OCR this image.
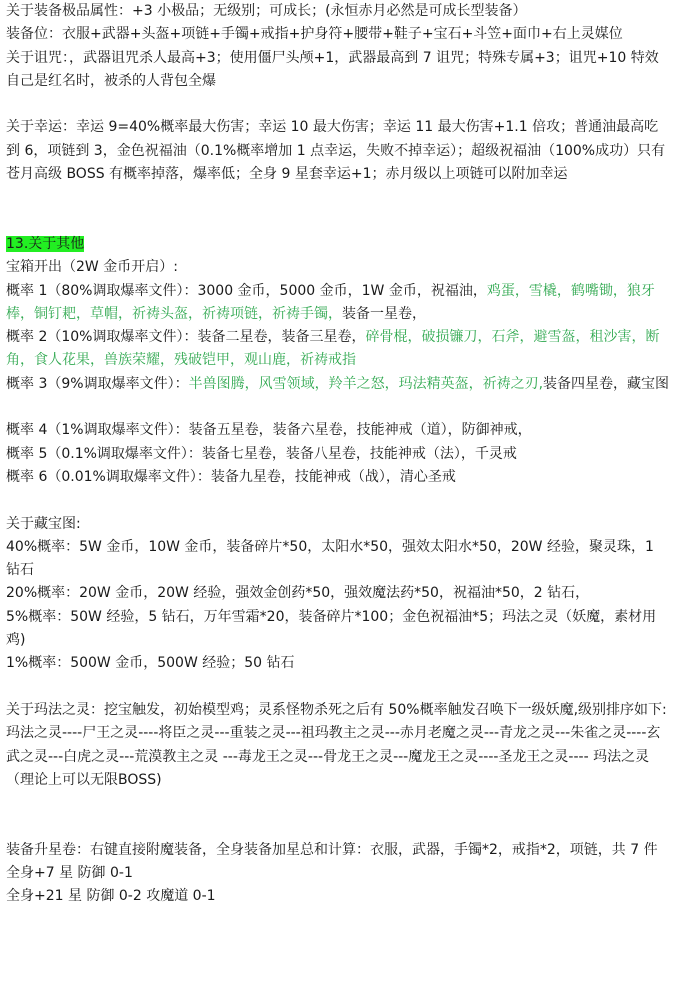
关于装备极品属性：+3 小极品；无级别；可成长；(永恒赤月必然是可成长型装备）

装备位：衣服+武器+头盔+项链+手镯+戒指+护身符+腰带+鞋子+宝石+斗笠+面巾+右上灵媒位

关于诅咒：，武器诅咒杀人最高+3；使用僵尸头颅+1，武器最高到 7 诅咒；特殊专属+3；诅咒+10 特效自己是红名时，被杀的人背包全爆

关于幸运：幸运 9=40%概率最大伤害；幸运 10 最大伤害；幸运 11 最大伤害+1.1 倍攻；普通油最高吃到 6，项链到 3，金色祝福油（0.1%概率增加 1 点幸运，失败不掉幸运）；超级祝福油（100%成功）只有苍月高级 BOSS 有概率掉落，爆率低；全身 9 星套幸运+1；赤月级以上项链可以附加幸运

13.关于其他

宝箱开出（2W 金币开启）:

概率 1（80%调取爆率文件）：3000 金币，5000 金币，1W 金币，祝福油，鸡蛋，雪橇，鹤嘴锄，狼牙棒，铜钉耙，草帽，祈祷头盔，祈祷项链，祈祷手镯，装备一星卷，

概率 2（10%调取爆率文件）：装备二星卷，装备三星卷，碎骨棍，破损镰刀，石斧，避雪盔，租沙害，断角，食人花果，兽族荣耀，残破铠甲，观山鹿，祈祷戒指

概率 3（9%调取爆率文件）：半兽图腾，风雪领域，羚羊之怒，玛法精英盔，祈祷之刃,装备四星卷，藏宝图

概率 4（1%调取爆率文件）：装备五星卷，装备六星卷，技能神戒（道），防御神戒，

概率 5（0.1%调取爆率文件）：装备七星卷，装备八星卷，技能神戒（法），千灵戒

概率 6（0.01%调取爆率文件）：装备九星卷，技能神戒（战），清心圣戒

关于藏宝图:

40%概率：5W 金币，10W 金币，装备碎片*50，太阳水*50，强效太阳水*50，20W 经验，聚灵珠，1 钻石

20%概率：20W 金币，20W 经验，强效金创药*50，强效魔法药*50，祝福油*50，2 钻石，

5%概率：50W 经验，5 钻石，万年雪霜*20，装备碎片*100；金色祝福油*5；玛法之灵（妖魔，素材用鸡)

1%概率：500W 金币，500W 经验；50 钻石

关于玛法之灵：挖宝触发，初始模型鸡；灵系怪物杀死之后有 50%概率触发召唤下一级妖魔,级别排序如下:玛法之灵----尸王之灵----将臣之灵---重装之灵---祖玛教主之灵---赤月老魔之灵---青龙之灵---朱雀之灵----玄武之灵---白虎之灵---荒漠教主之灵 ---毒龙王之灵---骨龙王之灵---魔龙王之灵----圣龙王之灵---- 玛法之灵 （理论上可以无限BOSS)

装备升星卷：右键直接附魔装备，全身装备加星总和计算：衣服，武器，手镯*2，戒指*2，项链，共 7 件

全身+7 星 防御 0-1

全身+21 星 防御 0-2 攻魔道 0-1
